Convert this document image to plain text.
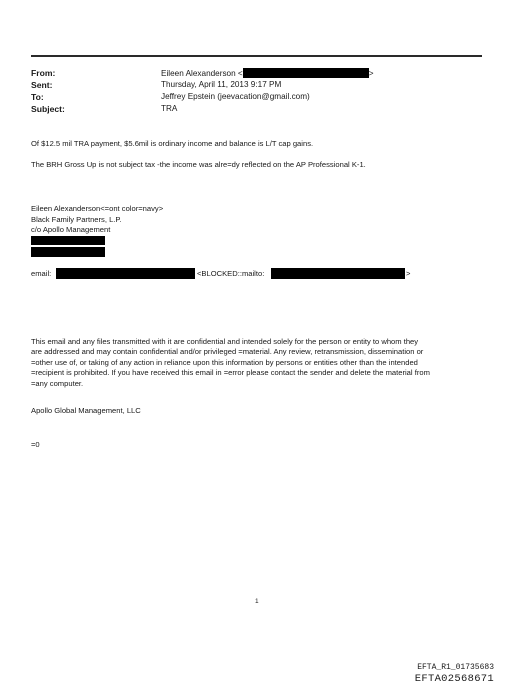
From:	Eileen Alexanderson <	>
Sent:	Thursday, April 11, 2013 9:17 PM
To:	Jeffrey Epstein (jeevacation@gmail.com)
Subject:	TRA
Of $12.5 mil TRA payment, $5.6mil is ordinary income and balance is L/T cap gains.
The BRH Gross Up is not subject tax -the income was alre=dy reflected on the AP Professional K-1.
Eileen Alexanderson<=ont color=navy>
Black Family Partners, L.P.
c/o Apollo Management
email:	<BLOCKED::mailto:	>
This email and any files transmitted with it are confidential and intended solely for the person or entity to whom they
are addressed and may contain confidential and/or privileged =material. Any review, retransmission, dissemination or
=other use of, or taking of any action in reliance upon this information by persons or entities other than the intended
=recipient is prohibited. If you have received this email in =error please contact the sender and delete the material from
=any computer.
Apollo Global Management, LLC
=0
1
EFTA_R1_01735683
EFTA02568671
